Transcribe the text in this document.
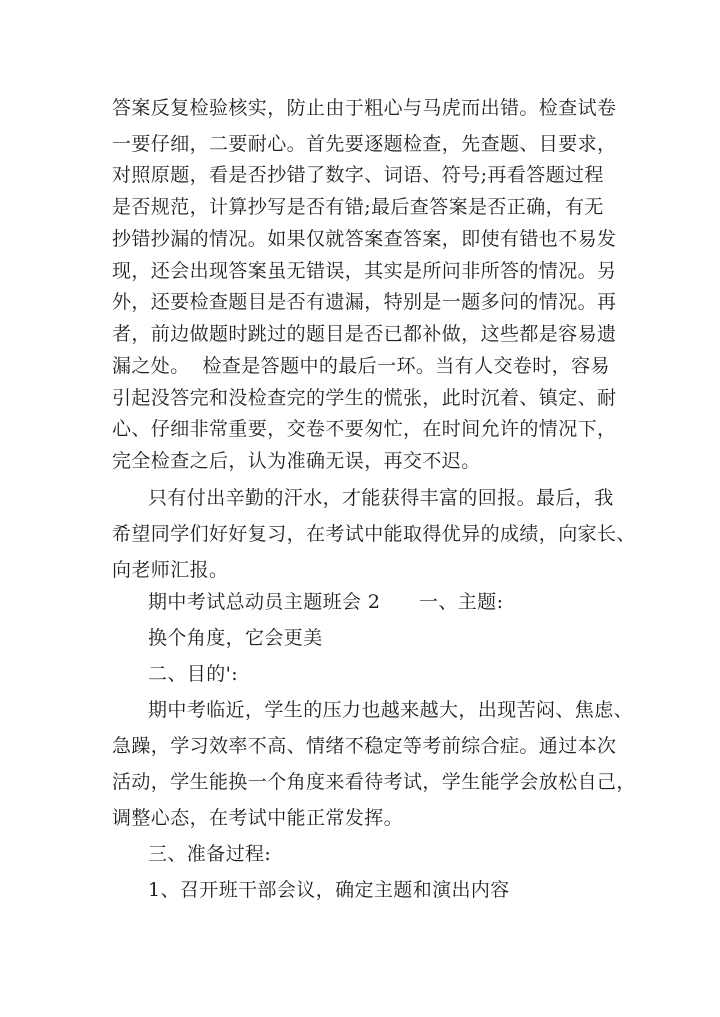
答案反复检验核实，防止由于粗心与马虎而出错。检查试卷
一要仔细，二要耐心。首先要逐题检查，先查题、目要求，
对照原题，看是否抄错了数字、词语、符号;再看答题过程
是否规范，计算抄写是否有错;最后查答案是否正确，有无
抄错抄漏的情况。如果仅就答案查答案，即使有错也不易发
现，还会出现答案虽无错误，其实是所问非所答的情况。另
外，还要检查题目是否有遗漏，特别是一题多问的情况。再
者，前边做题时跳过的题目是否已都补做，这些都是容易遗
漏之处。  检查是答题中的最后一环。当有人交卷时，容易
引起没答完和没检查完的学生的慌张，此时沉着、镇定、耐
心、仔细非常重要，交卷不要匆忙，在时间允许的情况下，
完全检查之后，认为准确无误，再交不迟。
只有付出辛勤的汗水，才能获得丰富的回报。最后，我
希望同学们好好复习，在考试中能取得优异的成绩，向家长、
向老师汇报。
期中考试总动员主题班会 2      一、主题:
换个角度，它会更美
二、目的':
期中考临近，学生的压力也越来越大，出现苦闷、焦虑、
急躁，学习效率不高、情绪不稳定等考前综合症。通过本次
活动，学生能换一个角度来看待考试，学生能学会放松自己，
调整心态，在考试中能正常发挥。
三、准备过程:
1、召开班干部会议，确定主题和演出内容
